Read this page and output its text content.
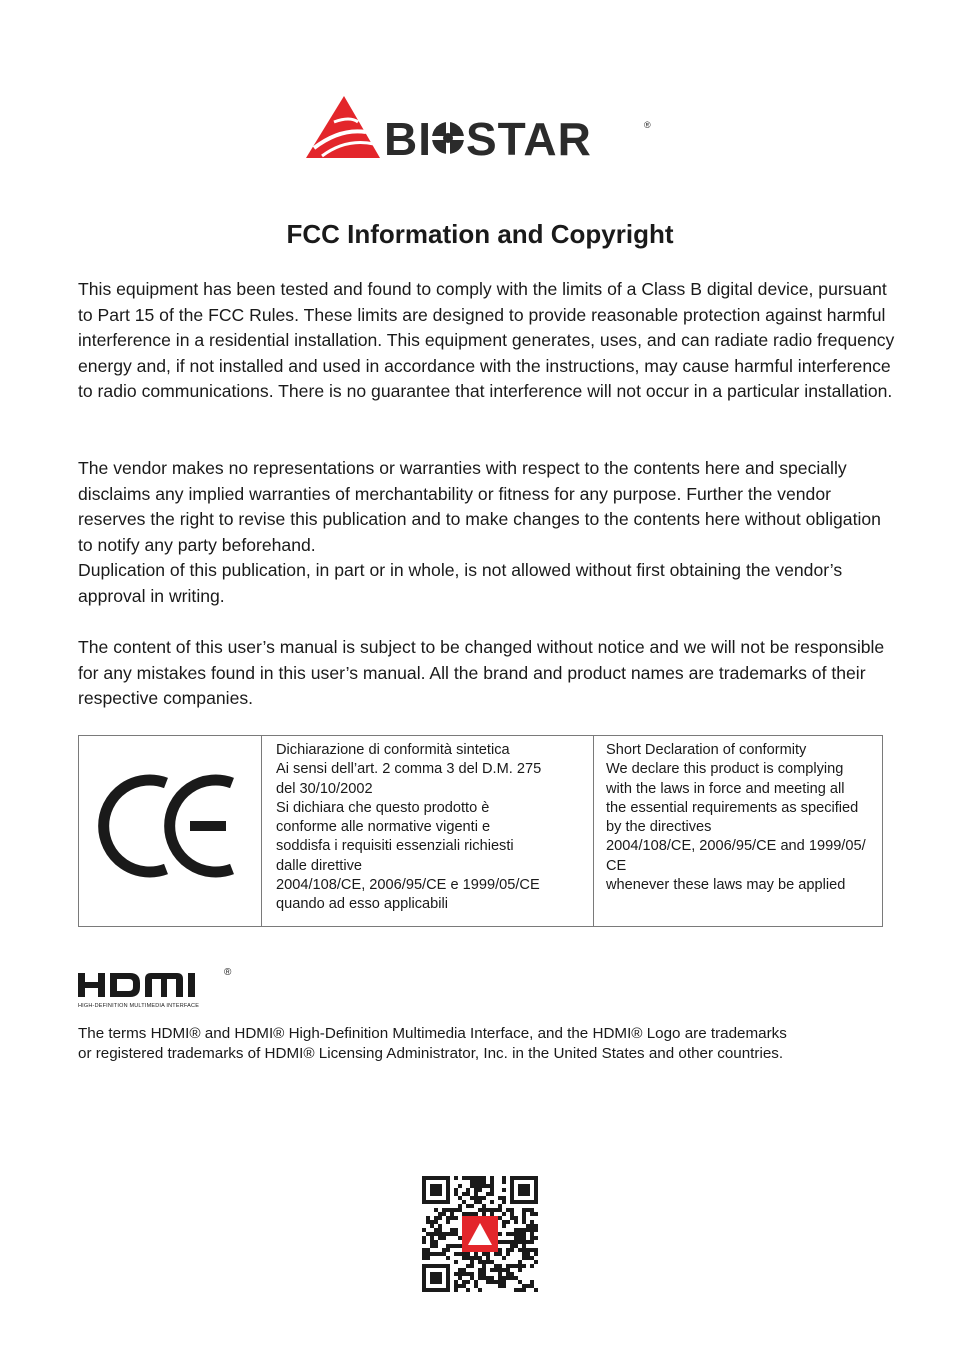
BI STAR	®
FCC Information and Copyright

This equipment has been tested and found to comply with the limits of a Class B digital device, pursuant to Part 15 of the FCC Rules. These limits are designed to provide reasonable protection against harmful interference in a residential installation. This equipment generates, uses, and can radiate radio frequency energy and, if not installed and used in accordance with the instructions, may cause harmful interference to radio communications. There is no guarantee that interference will not occur in a particular installation.

The vendor makes no representations or warranties with respect to the contents here and specially disclaims any implied warranties of merchantability or fitness for any purpose. Further the vendor reserves the right to revise this publication and to make changes to the contents here without obligation to notify any party beforehand.

Duplication of this publication, in part or in whole, is not allowed without first obtaining the vendor’s approval in writing.

The content of this user’s manual is subject to be changed without notice and we will not be responsible for any mistakes found in this user’s manual. All the brand and product names are trademarks of their respective companies.

CE

Dichiarazione di conformità sintetica
Ai sensi dell’art. 2 comma 3 del D.M. 275
del 30/10/2002
Si dichiara che questo prodotto è
conforme alle normative vigenti e
soddisfa i requisiti essenziali richiesti
dalle direttive
2004/108/CE, 2006/95/CE e 1999/05/CE
quando ad esso applicabili

Short Declaration of conformity
We declare this product is complying
with the laws in force and meeting all
the essential requirements as specified
by the directives
2004/108/CE, 2006/95/CE and 1999/05/
CE
whenever these laws may be applied
®
HIGH-DEFINITION MULTIMEDIA INTERFACE

The terms HDMI® and HDMI® High-Definition Multimedia Interface, and the HDMI® Logo are trademarks
or registered trademarks of HDMI® Licensing Administrator, Inc. in the United States and other countries.
